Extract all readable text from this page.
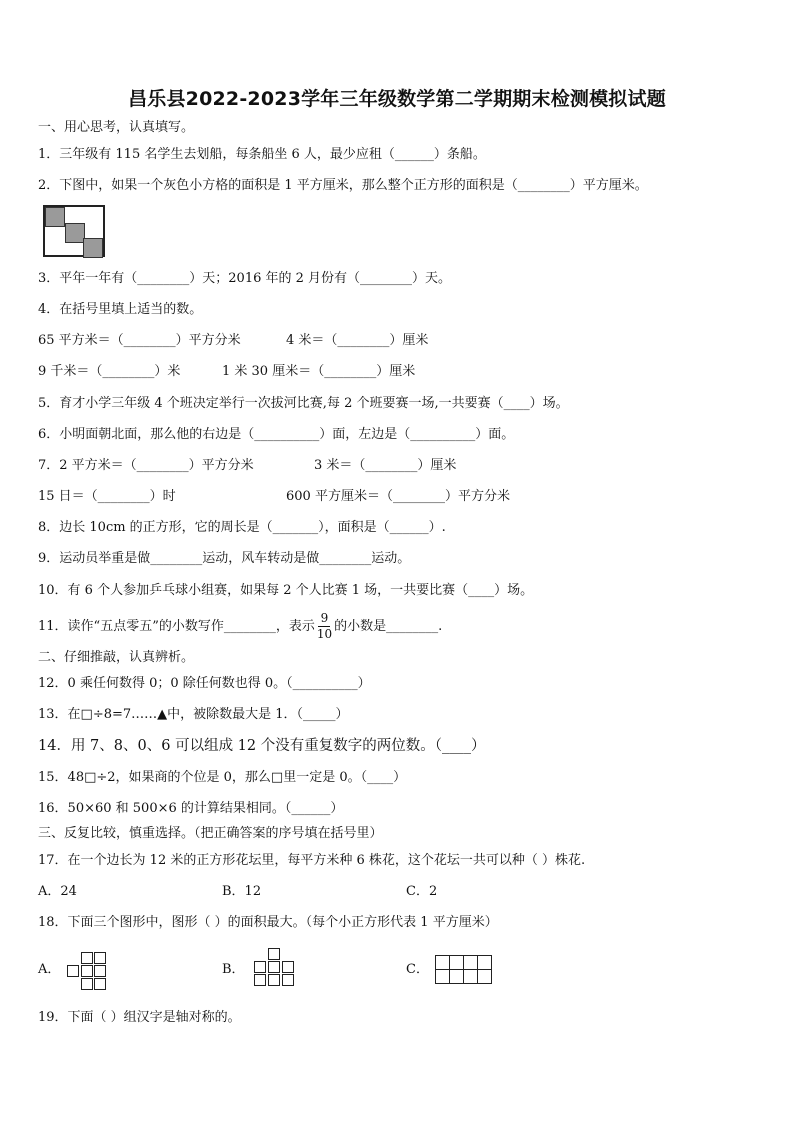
昌乐县2022-2023学年三年级数学第二学期期末检测模拟试题
一、用心思考，认真填写。
1．三年级有 115 名学生去划船，每条船坐 6 人，最少应租（______）条船。
2．下图中，如果一个灰色小方格的面积是 1 平方厘米，那么整个正方形的面积是（________）平方厘米。
3．平年一年有（________）天；2016 年的 2 月份有（________）天。
4．在括号里填上适当的数。
65 平方米＝（________）平方分米	4 米＝（________）厘米
9 千米＝（________）米	1 米 30 厘米＝（________）厘米
5．育才小学三年级 4 个班决定举行一次拔河比赛,每 2 个班要赛一场,一共要赛（____）场。
6．小明面朝北面，那么他的右边是（__________）面，左边是（__________）面。
7．2 平方米＝（________）平方分米	3 米＝（________）厘米
15 日＝（________）时	600 平方厘米＝（________）平方分米
8．边长 10cm 的正方形，它的周长是（_______），面积是（______）.
9．运动员举重是做________运动，风车转动是做________运动。
10．有 6 个人参加乒乓球小组赛，如果每 2 个人比赛 1 场，一共要比赛（____）场。
11．读作“五点零五”的小数写作________，表示 $\frac{9}{10}$ 的小数是________.
二、仔细推敲，认真辨析。
12．0 乘任何数得 0；0 除任何数也得 0。（__________）
13．在□÷8=7……▲中，被除数最大是 1．（_____）
14．用 7、8、0、6 可以组成 12 个没有重复数字的两位数。（____）
15．48□÷2，如果商的个位是 0，那么□里一定是 0。（____）
16．50×60 和 500×6 的计算结果相同。（______）
三、反复比较，慎重选择。（把正确答案的序号填在括号里）
17．在一个边长为 12 米的正方形花坛里，每平方米种 6 株花，这个花坛一共可以种（ ）株花.
A．24	B．12	C．2
18．下面三个图形中，图形（ ）的面积最大。（每个小正方形代表 1 平方厘米）
A．	B．	C．
19．下面（ ）组汉字是轴对称的。
